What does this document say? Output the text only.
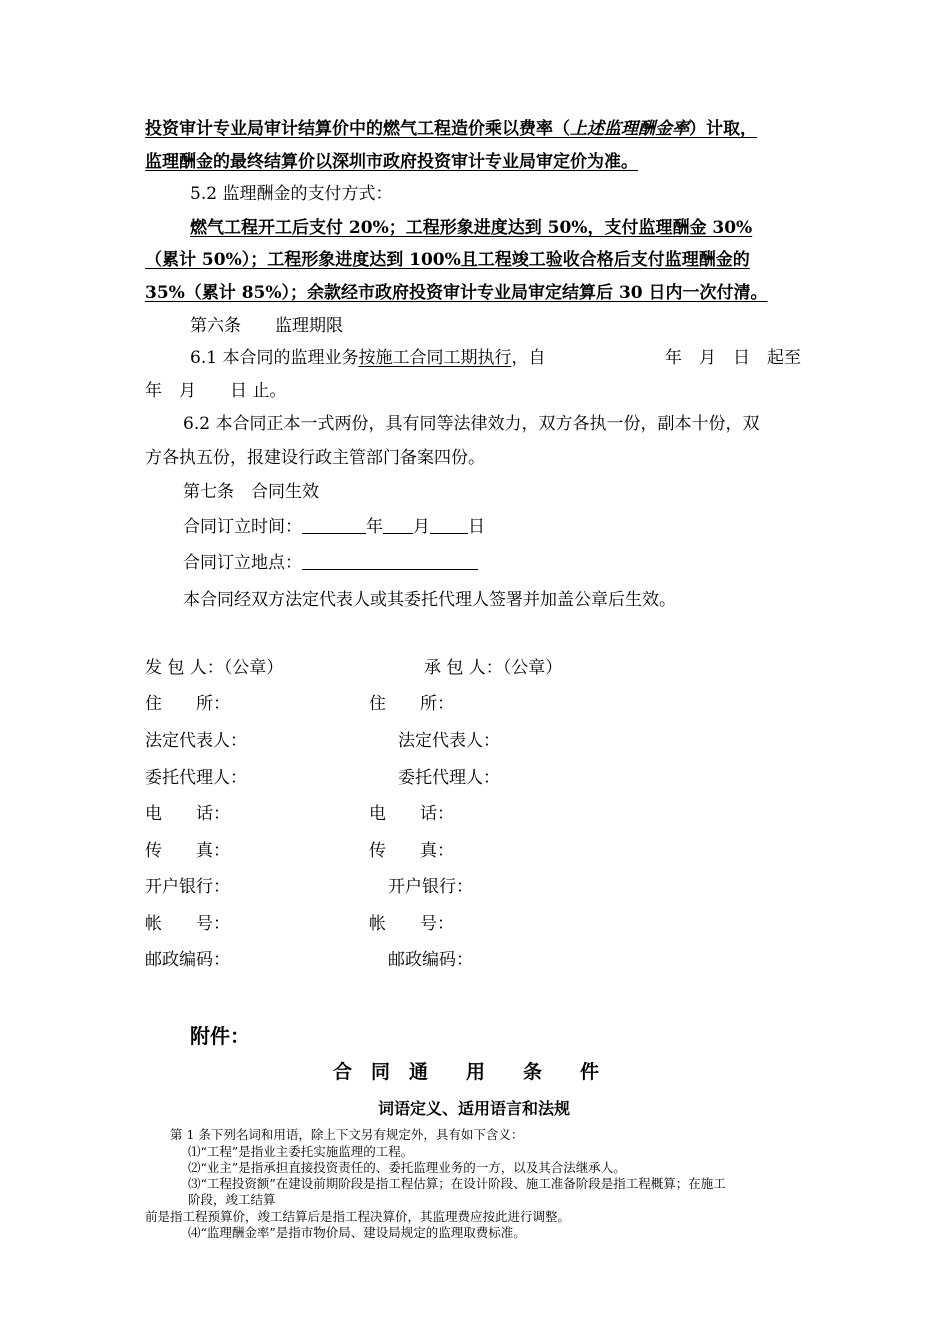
投资审计专业局审计结算价中的燃气工程造价乘以费率（上述监理酬金率）计取，
监理酬金的最终结算价以深圳市政府投资审计专业局审定价为准。
5.2 监理酬金的支付方式：
燃气工程开工后支付 20%；工程形象进度达到 50%，支付监理酬金 30%
（累计 50%）；工程形象进度达到 100%且工程竣工验收合格后支付监理酬金的
35%（累计 85%）；余款经市政府投资审计专业局审定结算后 30 日内一次付清。
第六条　　监理期限
6.1 本合同的监理业务按施工合同工期执行，自	年　月　日　起至
年　月　　日 止。
6.2 本合同正本一式两份，具有同等法律效力，双方各执一份，副本十份，双
方各执五份，报建设行政主管部门备案四份。
第七条　合同生效
合同订立时间：	年 月 日
合同订立地点：
本合同经双方法定代表人或其委托代理人签署并加盖公章后生效。
发 包 人：（公章）
住　　所：
法定代表人：
委托代理人：
电　　话：
传　　真：
开户银行：
帐　　号：
邮政编码：
承 包 人：（公章）
住　　所：
法定代表人：
委托代理人：
电　　话：
传　　真：
开户银行：
帐　　号：
邮政编码：
附件：
合　同　通　　用　　条　　件
词语定义、适用语言和法规
第 1 条下列名词和用语，除上下文另有规定外，具有如下含义：
⑴“工程”是指业主委托实施监理的工程。
⑵“业主”是指承担直接投资责任的、委托监理业务的一方，以及其合法继承人。
⑶“工程投资额”在建设前期阶段是指工程估算；在设计阶段、施工准备阶段是指工程概算；在施工
阶段，竣工结算
前是指工程预算价，竣工结算后是指工程决算价，其监理费应按此进行调整。
⑷“监理酬金率”是指市物价局、建设局规定的监理取费标准。
